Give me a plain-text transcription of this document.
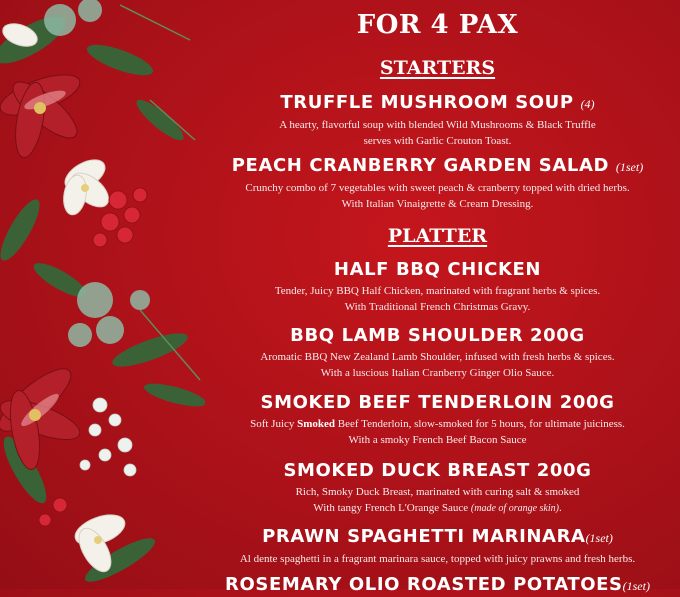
FOR 4 PAX
STARTERS
TRUFFLE MUSHROOM SOUP (4)
A hearty, flavorful soup with blended Wild Mushrooms & Black Truffle
serves with Garlic Crouton Toast.
PEACH CRANBERRY GARDEN SALAD (1set)
Crunchy combo of 7 vegetables with sweet peach & cranberry topped with dried herbs.
With Italian Vinaigrette & Cream Dressing.
PLATTER
HALF BBQ CHICKEN
Tender, Juicy BBQ Half Chicken, marinated with fragrant herbs & spices.
With Traditional French Christmas Gravy.
BBQ LAMB SHOULDER 200G
Aromatic BBQ New Zealand Lamb Shoulder, infused with fresh herbs & spices.
With a luscious Italian Cranberry Ginger Olio Sauce.
SMOKED BEEF TENDERLOIN 200G
Soft Juicy Smoked Beef Tenderloin, slow-smoked for 5 hours, for ultimate juiciness.
With a smoky French Beef Bacon Sauce
SMOKED DUCK BREAST 200G
Rich, Smoky Duck Breast, marinated with curing salt & smoked
With tangy French L'Orange Sauce (made of orange skin).
PRAWN SPAGHETTI MARINARA(1set)
Al dente spaghetti in a fragrant marinara sauce, topped with juicy prawns and fresh herbs.
ROSEMARY OLIO ROASTED POTATOES(1set)
